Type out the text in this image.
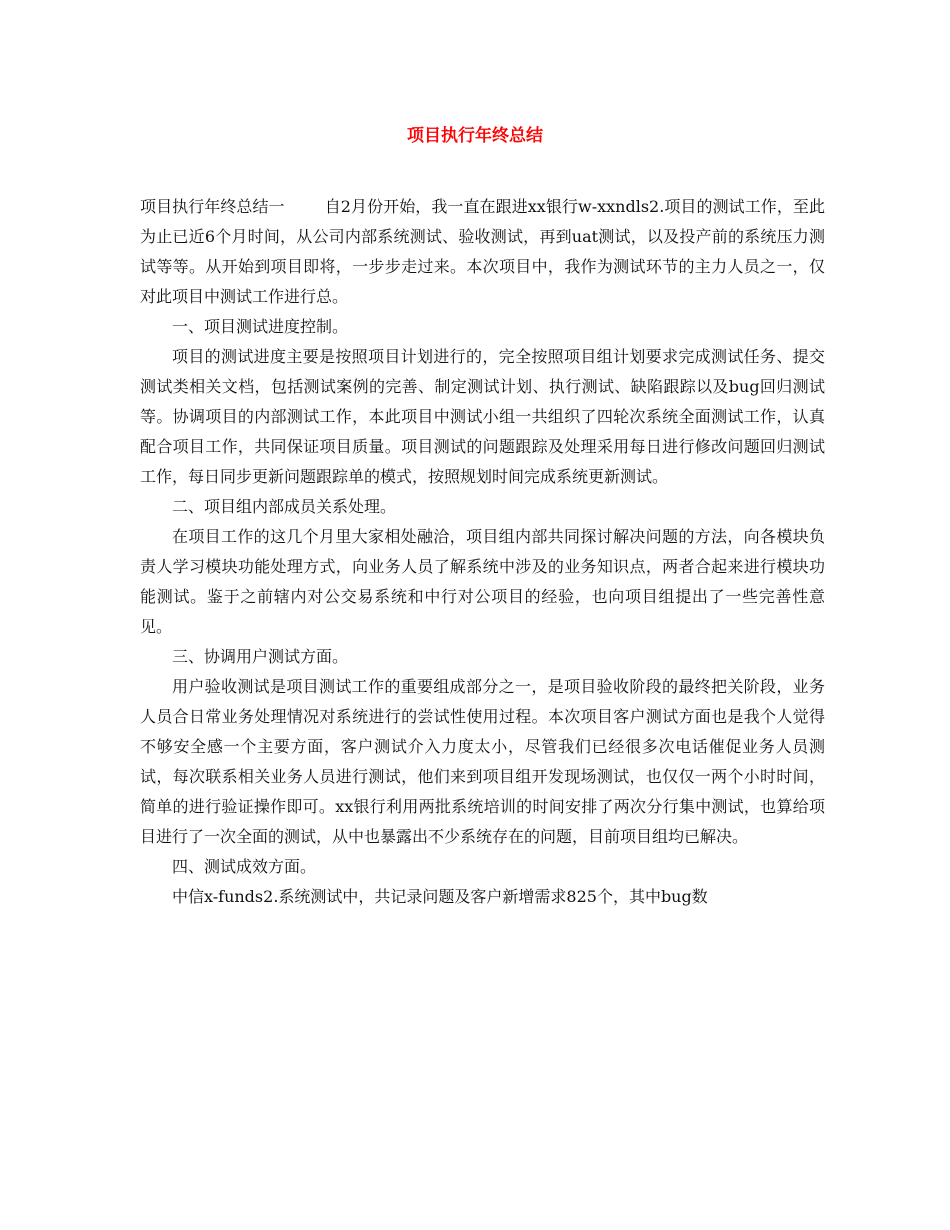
项目执行年终总结

项目执行年终总结一	自2月份开始，我一直在跟进xx银行w-xxndls2.项目的测试工作，至此为止已近6个月时间，从公司内部系统测试、验收测试，再到uat测试，以及投产前的系统压力测试等等。从开始到项目即将，一步步走过来。本次项目中，我作为测试环节的主力人员之一，仅对此项目中测试工作进行总。

一、项目测试进度控制。

项目的测试进度主要是按照项目计划进行的，完全按照项目组计划要求完成测试任务、提交测试类相关文档，包括测试案例的完善、制定测试计划、执行测试、缺陷跟踪以及bug回归测试等。协调项目的内部测试工作，本此项目中测试小组一共组织了四轮次系统全面测试工作，认真配合项目工作，共同保证项目质量。项目测试的问题跟踪及处理采用每日进行修改问题回归测试工作，每日同步更新问题跟踪单的模式，按照规划时间完成系统更新测试。

二、项目组内部成员关系处理。

在项目工作的这几个月里大家相处融洽，项目组内部共同探讨解决问题的方法，向各模块负责人学习模块功能处理方式，向业务人员了解系统中涉及的业务知识点，两者合起来进行模块功能测试。鉴于之前辖内对公交易系统和中行对公项目的经验，也向项目组提出了一些完善性意见。

三、协调用户测试方面。

用户验收测试是项目测试工作的重要组成部分之一，是项目验收阶段的最终把关阶段，业务人员合日常业务处理情况对系统进行的尝试性使用过程。本次项目客户测试方面也是我个人觉得不够安全感一个主要方面，客户测试介入力度太小，尽管我们已经很多次电话催促业务人员测试，每次联系相关业务人员进行测试，他们来到项目组开发现场测试，也仅仅一两个小时时间，简单的进行验证操作即可。xx银行利用两批系统培训的时间安排了两次分行集中测试，也算给项目进行了一次全面的测试，从中也暴露出不少系统存在的问题，目前项目组均已解决。

四、测试成效方面。

中信x-funds2.系统测试中，共记录问题及客户新增需求825个，其中bug数
